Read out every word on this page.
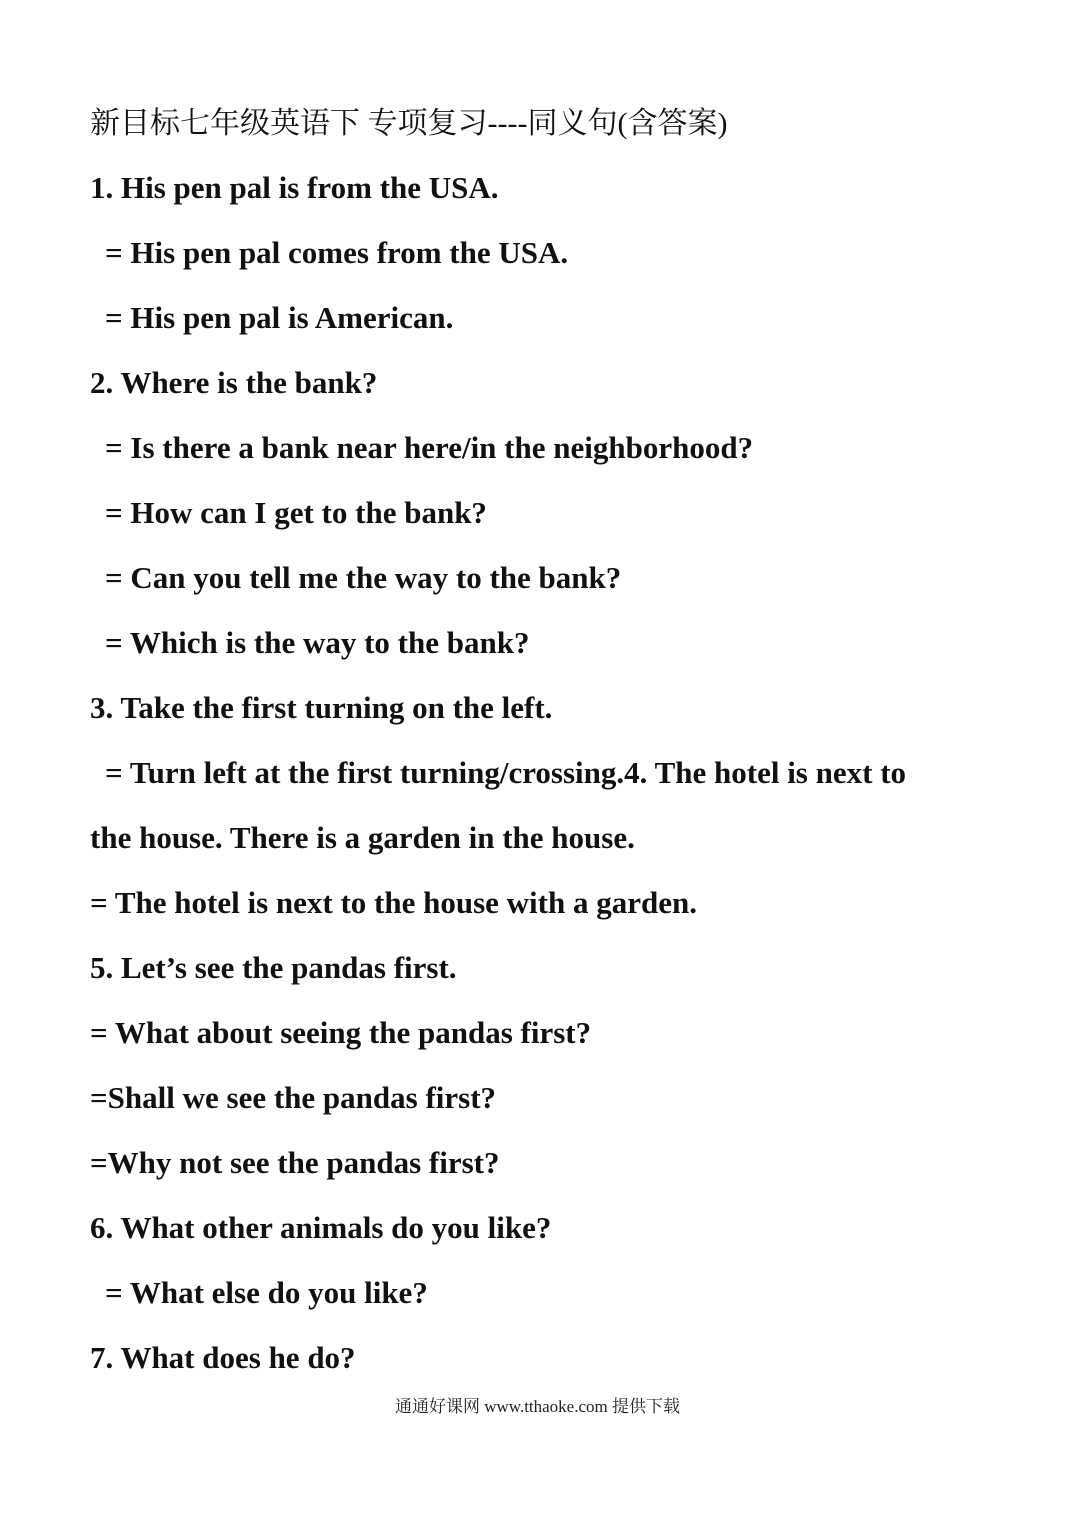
新目标七年级英语下 专项复习----同义句(含答案)
1. His pen pal is from the USA.
= His pen pal comes from the USA.
= His pen pal is American.
2. Where is the bank?
= Is there a bank near here/in the neighborhood?
= How can I get to the bank?
= Can you tell me the way to the bank?
= Which is the way to the bank?
3. Take the first turning on the left.
= Turn left at the first turning/crossing.4. The hotel is next to
the house. There is a garden in the house.
= The hotel is next to the house with a garden.
5. Let’s see the pandas first.
= What about seeing the pandas first?
=Shall we see the pandas first?
=Why not see the pandas first?
6. What other animals do you like?
= What else do you like?
7. What does he do?
通通好课网 www.tthaoke.com 提供下载
